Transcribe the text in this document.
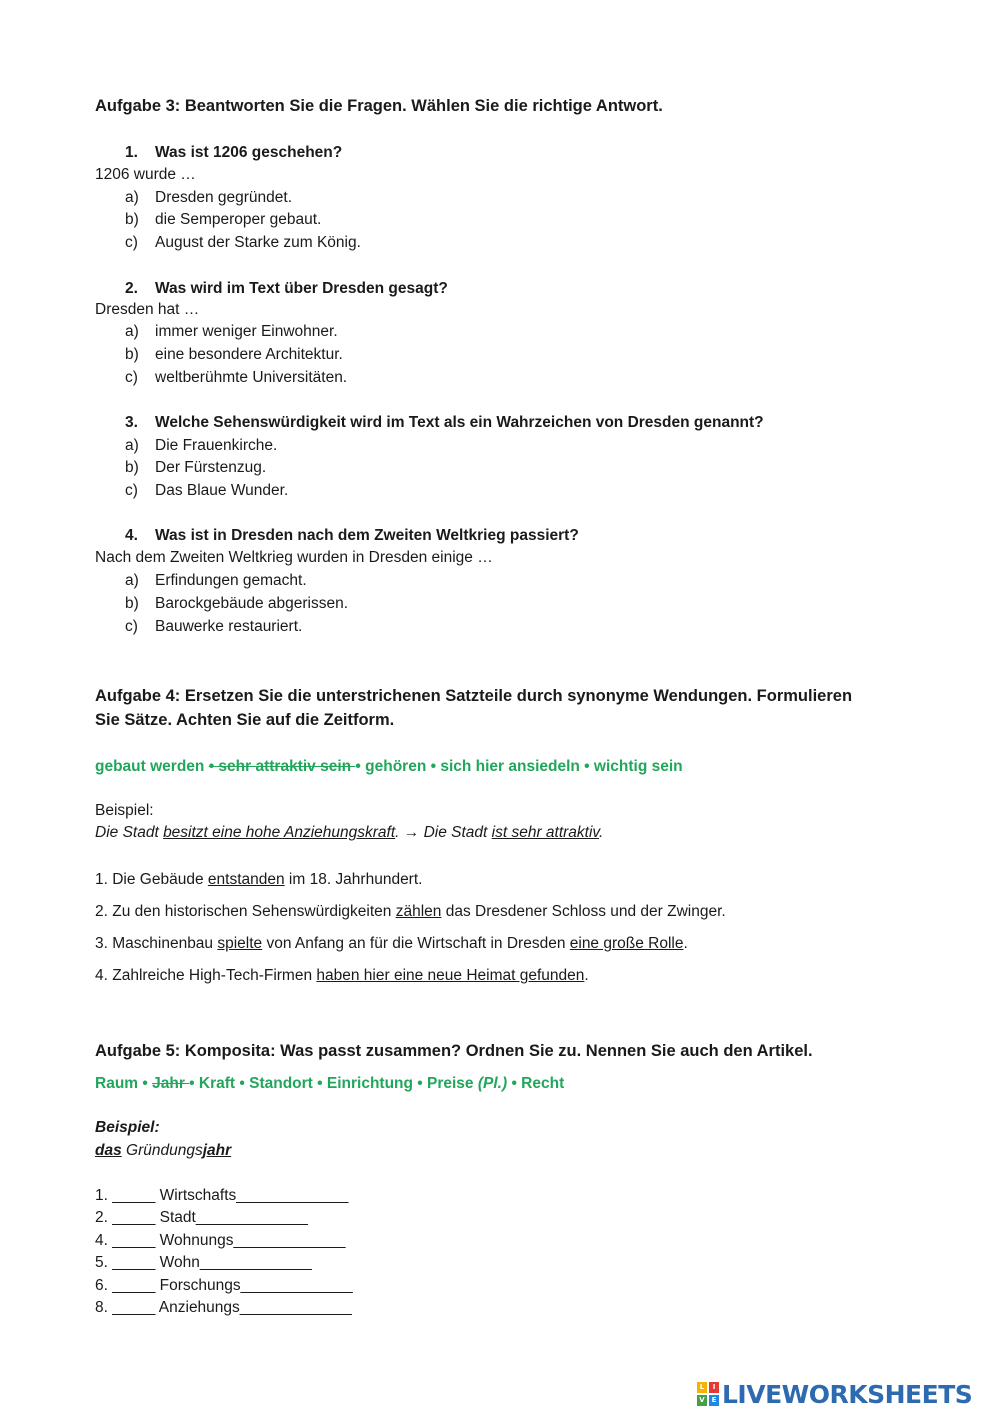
Aufgabe 3: Beantworten Sie die Fragen. Wählen Sie die richtige Antwort.
1. Was ist 1206 geschehen?
1206 wurde …
a) Dresden gegründet.
b) die Semperoper gebaut.
c) August der Starke zum König.
2. Was wird im Text über Dresden gesagt?
Dresden hat …
a) immer weniger Einwohner.
b) eine besondere Architektur.
c) weltberühmte Universitäten.
3. Welche Sehenswürdigkeit wird im Text als ein Wahrzeichen von Dresden genannt?
a) Die Frauenkirche.
b) Der Fürstenzug.
c) Das Blaue Wunder.
4. Was ist in Dresden nach dem Zweiten Weltkrieg passiert?
Nach dem Zweiten Weltkrieg wurden in Dresden einige …
a) Erfindungen gemacht.
b) Barockgebäude abgerissen.
c) Bauwerke restauriert.
Aufgabe 4: Ersetzen Sie die unterstrichenen Satzteile durch synonyme Wendungen. Formulieren
Sie Sätze. Achten Sie auf die Zeitform.
gebaut werden • sehr attraktiv sein • gehören • sich hier ansiedeln • wichtig sein
Beispiel:
Die Stadt besitzt eine hohe Anziehungskraft. → Die Stadt ist sehr attraktiv.
1. Die Gebäude entstanden im 18. Jahrhundert.
2. Zu den historischen Sehenswürdigkeiten zählen das Dresdener Schloss und der Zwinger.
3. Maschinenbau spielte von Anfang an für die Wirtschaft in Dresden eine große Rolle.
4. Zahlreiche High-Tech-Firmen haben hier eine neue Heimat gefunden.
Aufgabe 5: Komposita: Was passt zusammen? Ordnen Sie zu. Nennen Sie auch den Artikel.
Raum • Jahr • Kraft • Standort • Einrichtung • Preise (Pl.) • Recht
Beispiel:
das Gründungsjahr
1. _____ Wirtschafts_____________
2. _____ Stadt_____________
4. _____ Wohnungs_____________
5. _____ Wohn_____________
6. _____ Forschungs_____________
8. _____ Anziehungs_____________
L	I
V E LIVEWORKSHEETS
